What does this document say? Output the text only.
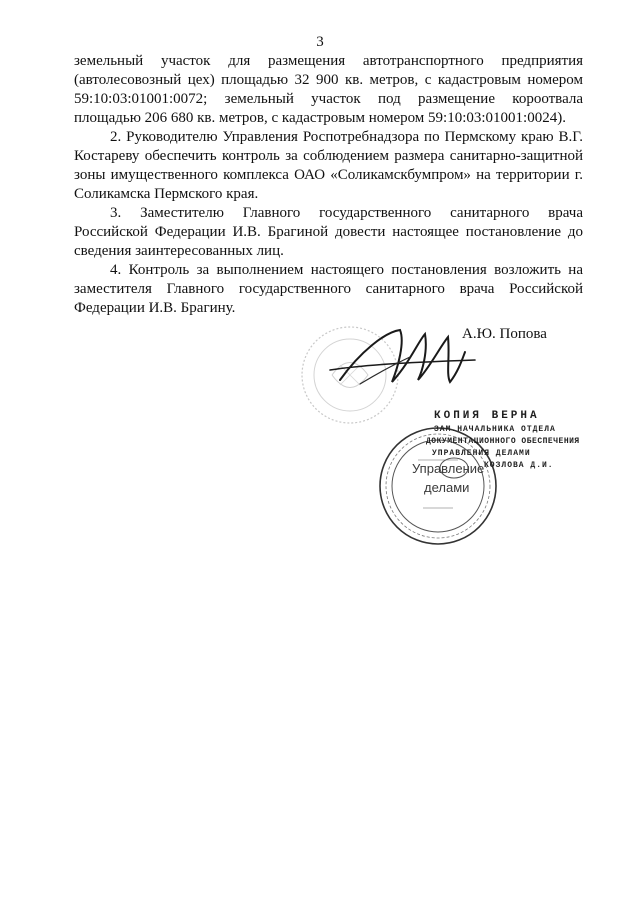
3

земельный участок для размещения автотранспортного предприятия (автолесовозный цех) площадью 32 900 кв. метров, с кадастровым номером 59:10:03:01001:0072; земельный участок под размещение короотвала площадью 206 680 кв. метров, с кадастровым номером 59:10:03:01001:0024).

2. Руководителю Управления Роспотребнадзора по Пермскому краю В.Г. Костареву обеспечить контроль за соблюдением размера санитарно-защитной зоны имущественного комплекса ОАО «Соликамскбумпром» на территории г. Соликамска Пермского края.

3. Заместителю Главного государственного санитарного врача Российской Федерации И.В. Брагиной довести настоящее постановление до сведения заинтересованных лиц.

4. Контроль за выполнением настоящего постановления возложить на заместителя Главного государственного санитарного врача Российской Федерации И.В. Брагину.

А.Ю. Попова
КОПИЯ ВЕРНА
ЗАМ.НАЧАЛЬНИКА ОТДЕЛА
ДОКУМЕНТАЦИОННОГО ОБЕСПЕЧЕНИЯ
УПРАВЛЕНИЯ ДЕЛАМИ
КОЗЛОВА Д.И.
Управление
делами
